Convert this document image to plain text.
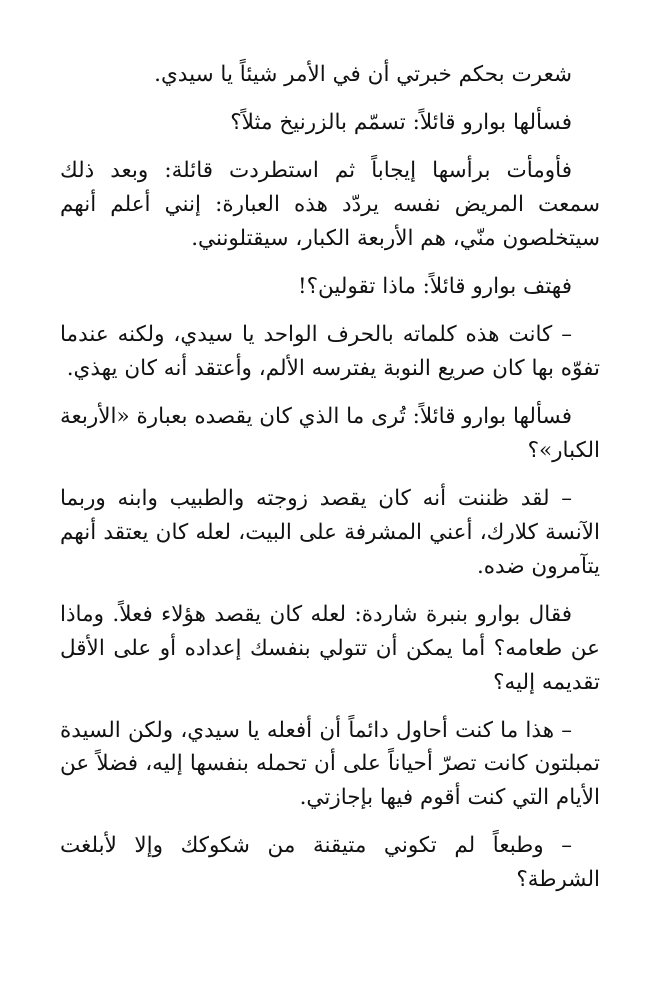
شعرت بحكم خبرتي أن في الأمر شيئاً يا سيدي.

فسألها بوارو قائلاً: تسمّم بالزرنيخ مثلاً؟

فأومأت برأسها إيجاباً ثم استطردت قائلة: وبعد ذلك سمعت المريض نفسه يردّد هذه العبارة: إنني أعلم أنهم سيتخلصون منّي، هم الأربعة الكبار، سيقتلونني.

فهتف بوارو قائلاً: ماذا تقولين؟!

– كانت هذه كلماته بالحرف الواحد يا سيدي، ولكنه عندما تفوّه بها كان صريع النوبة يفترسه الألم، وأعتقد أنه كان يهذي.

فسألها بوارو قائلاً: تُرى ما الذي كان يقصده بعبارة «الأربعة الكبار»؟

– لقد ظننت أنه كان يقصد زوجته والطبيب وابنه وربما الآنسة كلارك، أعني المشرفة على البيت، لعله كان يعتقد أنهم يتآمرون ضده.

فقال بوارو بنبرة شاردة: لعله كان يقصد هؤلاء فعلاً. وماذا عن طعامه؟ أما يمكن أن تتولي بنفسك إعداده أو على الأقل تقديمه إليه؟

– هذا ما كنت أحاول دائماً أن أفعله يا سيدي، ولكن السيدة تمبلتون كانت تصرّ أحياناً على أن تحمله بنفسها إليه، فضلاً عن الأيام التي كنت أقوم فيها بإجازتي.

– وطبعاً لم تكوني متيقنة من شكوكك وإلا لأبلغت الشرطة؟
